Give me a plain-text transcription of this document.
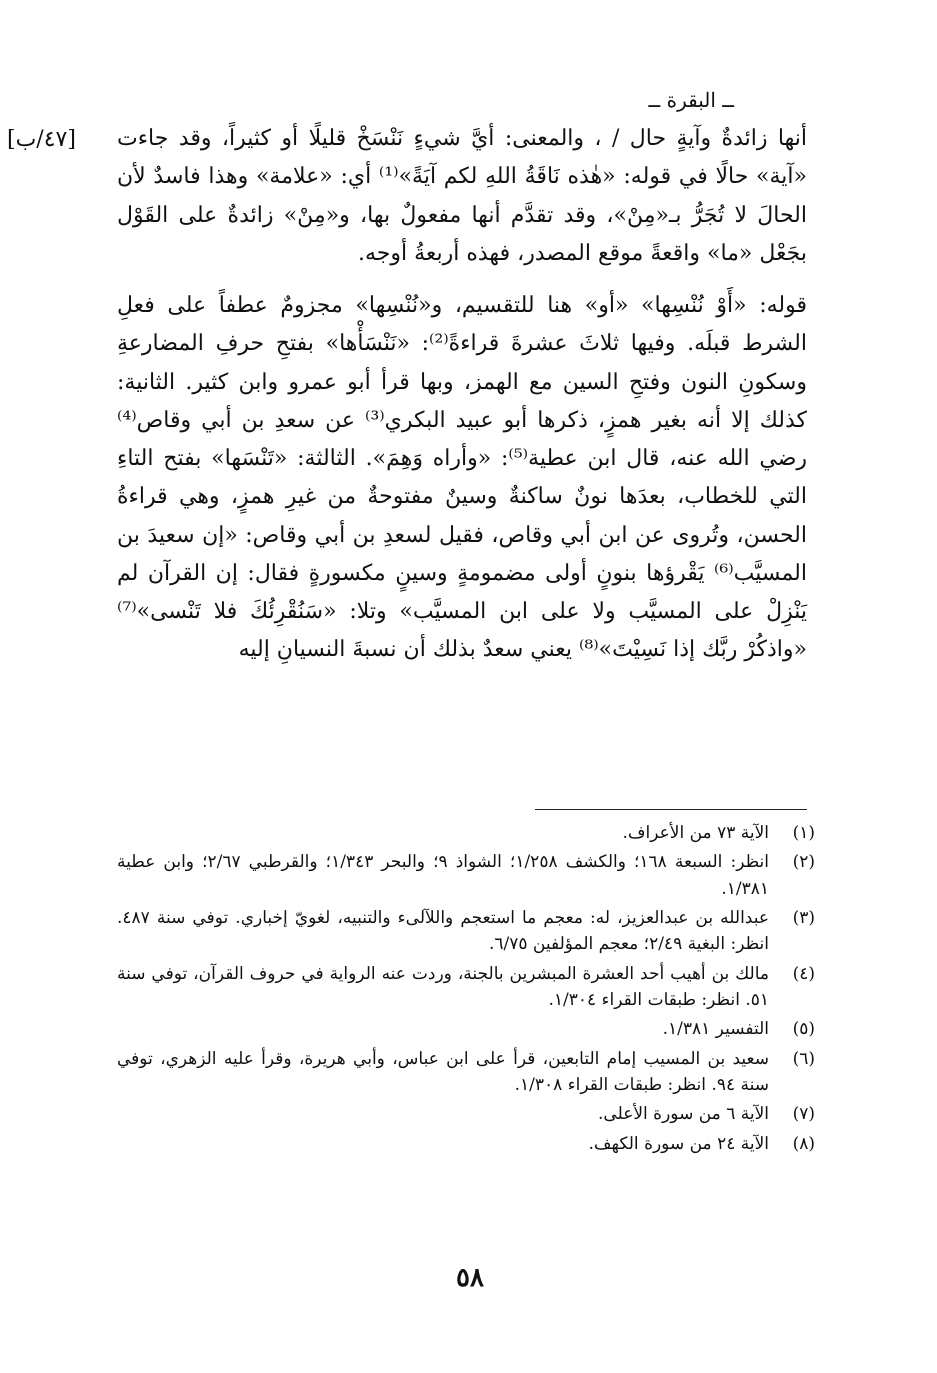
ــ البقرة ــ
[٤٧/ب]	أنها زائدةٌ وآيةٍ حال / ، والمعنى: أيَّ شيءٍ نَنْسَخْ قليلًا أو كثيراً، وقد جاءت «آية» حالًا في قوله: «هٰذه نَاقَةُ اللهِ لكم آيَةً»⁽¹⁾ أي: «علامة» وهذا فاسدٌ لأن الحالَ لا تُجَرُّ بـ«مِنْ»، وقد تقدَّم أنها مفعولٌ بها، و«مِنْ» زائدةٌ على القَوْل بجَعْل «ما» واقعةً موقع المصدر، فهذه أربعةُ أوجه.

قوله: «أَوْ نُنْسِها» «أو» هنا للتقسيم، و«نُنْسِها» مجزومٌ عطفاً على فعلِ الشرط قبلَه. وفيها ثلاثَ عشرةَ قراءةً⁽²⁾: «نَنْسَأْها» بفتحِ حرفِ المضارعةِ وسكونِ النون وفتحِ السين مع الهمز، وبها قرأ أبو عمرو وابن كثير. الثانية: كذلك إلا أنه بغير همزٍ، ذكرها أبو عبيد البكري⁽³⁾ عن سعدِ بن أبي وقاص⁽⁴⁾ رضي الله عنه، قال ابن عطية⁽⁵⁾: «وأراه وَهِمَ». الثالثة: «تَنْسَها» بفتح التاءِ التي للخطاب، بعدَها نونٌ ساكنةٌ وسينٌ مفتوحةٌ من غيرِ همزٍ، وهي قراءةُ الحسن، وتُروى عن ابن أبي وقاص، فقيل لسعدِ بن أبي وقاص: «إن سعيدَ بن المسيَّب⁽⁶⁾ يَقْرؤها بنونٍ أولى مضمومةٍ وسينٍ مكسورةٍ فقال: إن القرآن لم يَنْزِلْ على المسيَّب ولا على ابن المسيَّب» وتلا: «سَنُقْرِئُكَ فلا تَنْسى»⁽⁷⁾ «واذكُرْ ربَّك إذا نَسِيْتَ»⁽⁸⁾ يعني سعدٌ بذلك أن نسبةَ النسيانِ إليه

(١)
الآية ٧٣ من الأعراف.
(٢)
انظر: السبعة ١٦٨؛ والكشف ١/٢٥٨؛ الشواذ ٩؛ والبحر ١/٣٤٣؛ والقرطبي ٢/٦٧؛ وابن عطية ١/٣٨١.
(٣)
عبدالله بن عبدالعزيز، له: معجم ما استعجم واللآلىء والتنبيه، لغويّ إخباري. توفي سنة ٤٨٧. انظر: البغية ٢/٤٩؛ معجم المؤلفين ٦/٧٥.
(٤)
مالك بن أهيب أحد العشرة المبشرين بالجنة، وردت عنه الرواية في حروف القرآن، توفي سنة ٥١. انظر: طبقات القراء ١/٣٠٤.
(٥)
التفسير ١/٣٨١.
(٦)
سعيد بن المسيب إمام التابعين، قرأ على ابن عباس، وأبي هريرة، وقرأ عليه الزهري، توفي سنة ٩٤. انظر: طبقات القراء ١/٣٠٨.
(٧)
الآية ٦ من سورة الأعلى.
(٨)
الآية ٢٤ من سورة الكهف.
٥٨
